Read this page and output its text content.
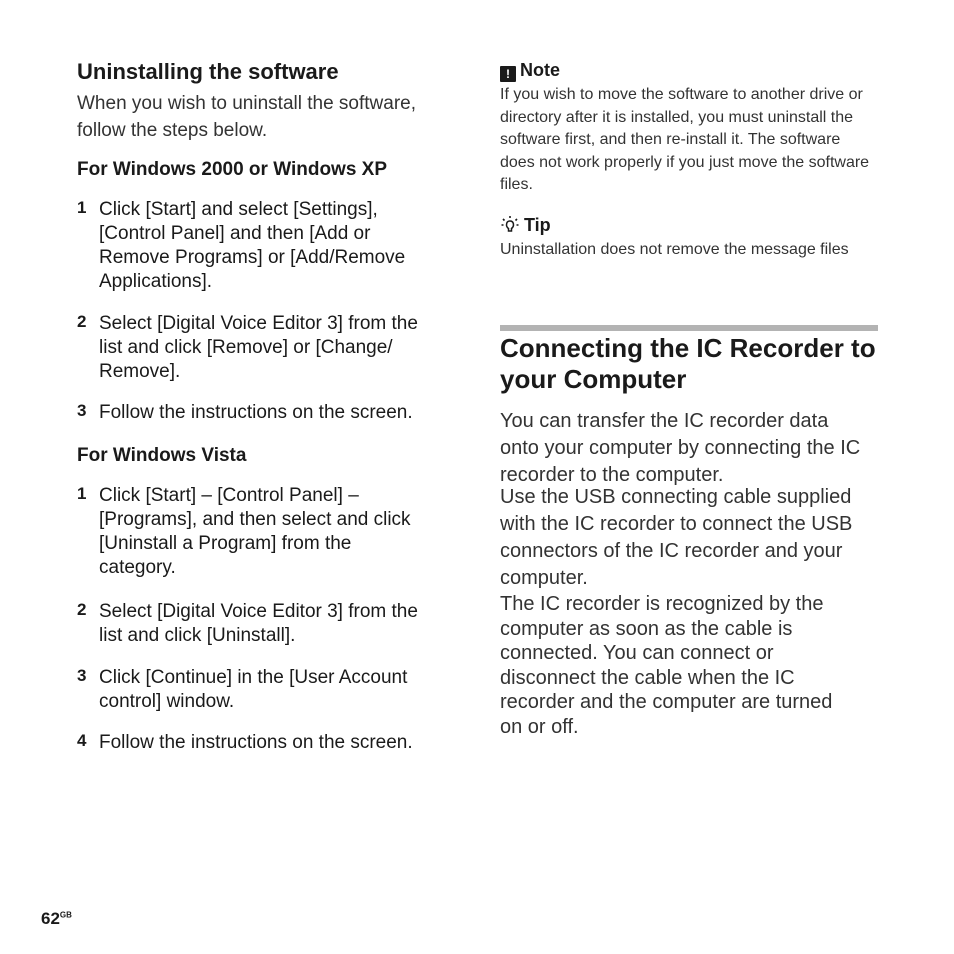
Uninstalling the software
When you wish to uninstall the software, follow the steps below.
For Windows 2000 or Windows XP
1 Click [Start] and select [Settings], [Control Panel] and then [Add or Remove Programs] or [Add/Remove Applications].
2 Select [Digital Voice Editor 3] from the list and click [Remove] or [Change/ Remove].
3 Follow the instructions on the screen.
For Windows Vista
1 Click [Start] – [Control Panel] – [Programs], and then select and click [Uninstall a Program] from the category.
2 Select [Digital Voice Editor 3] from the list and click [Uninstall].
3 Click [Continue] in the [User Account control] window.
4 Follow the instructions on the screen.
! Note
If you wish to move the software to another drive or directory after it is installed, you must uninstall the software first, and then re-install it. The software does not work properly if you just move the software files.
Tip
Uninstallation does not remove the message files
Connecting the IC Recorder to your Computer
You can transfer the IC recorder data onto your computer by connecting the IC recorder to the computer.
Use the USB connecting cable supplied with the IC recorder to connect the USB connectors of the IC recorder and your computer.
The IC recorder is recognized by the computer as soon as the cable is connected. You can connect or disconnect the cable when the IC recorder and the computer are turned on or off.
$62^{GB}$
